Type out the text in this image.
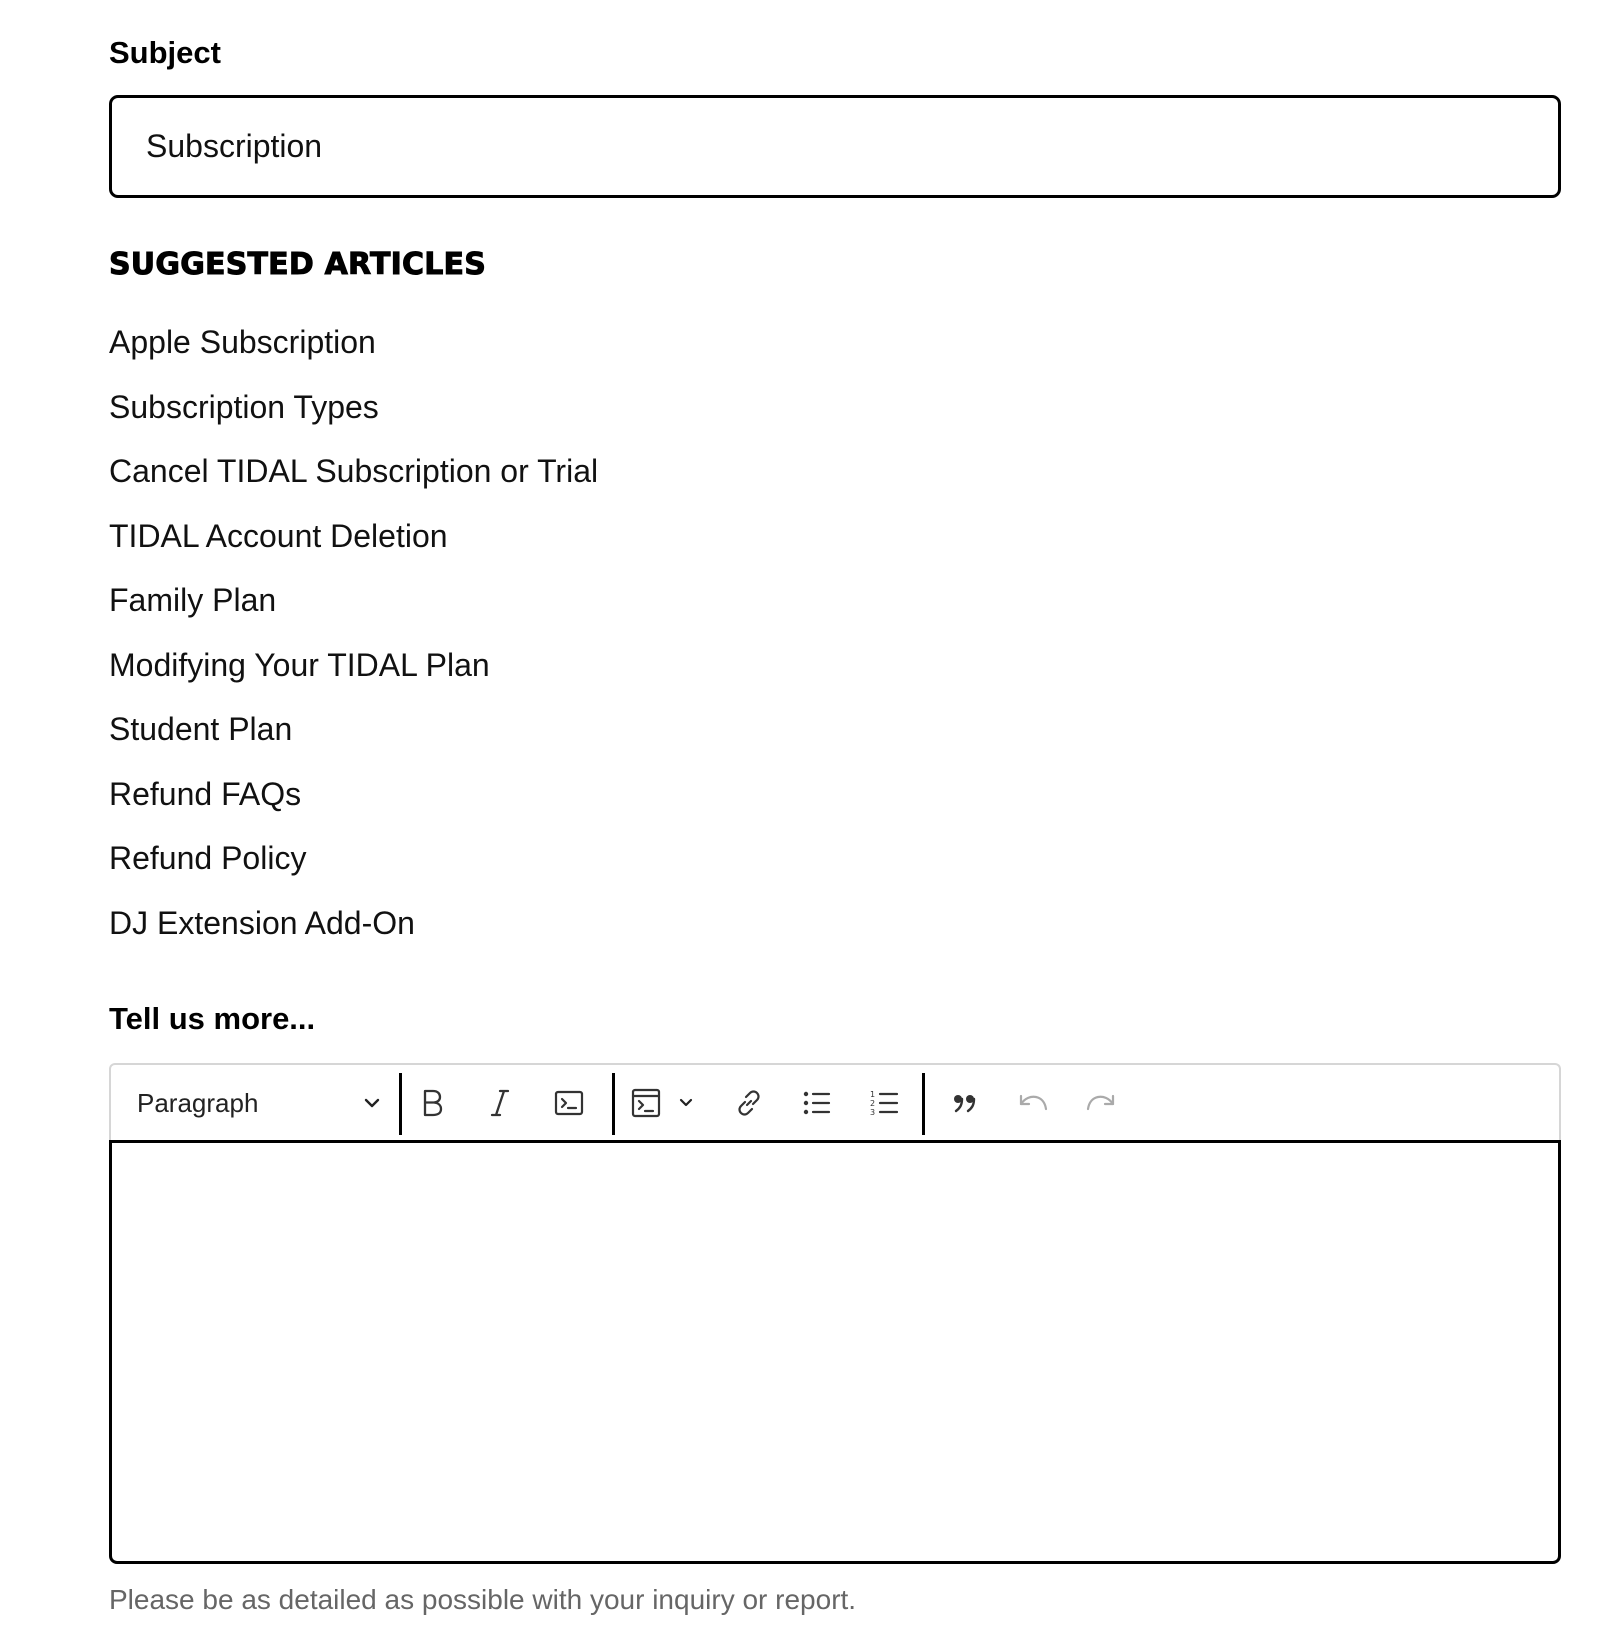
Subject
Subscription
SUGGESTED ARTICLES
Apple Subscription
Subscription Types
Cancel TIDAL Subscription or Trial
TIDAL Account Deletion
Family Plan
Modifying Your TIDAL Plan
Student Plan
Refund FAQs
Refund Policy
DJ Extension Add-On
Tell us more...
Paragraph	1
2
3

Please be as detailed as possible with your inquiry or report.
